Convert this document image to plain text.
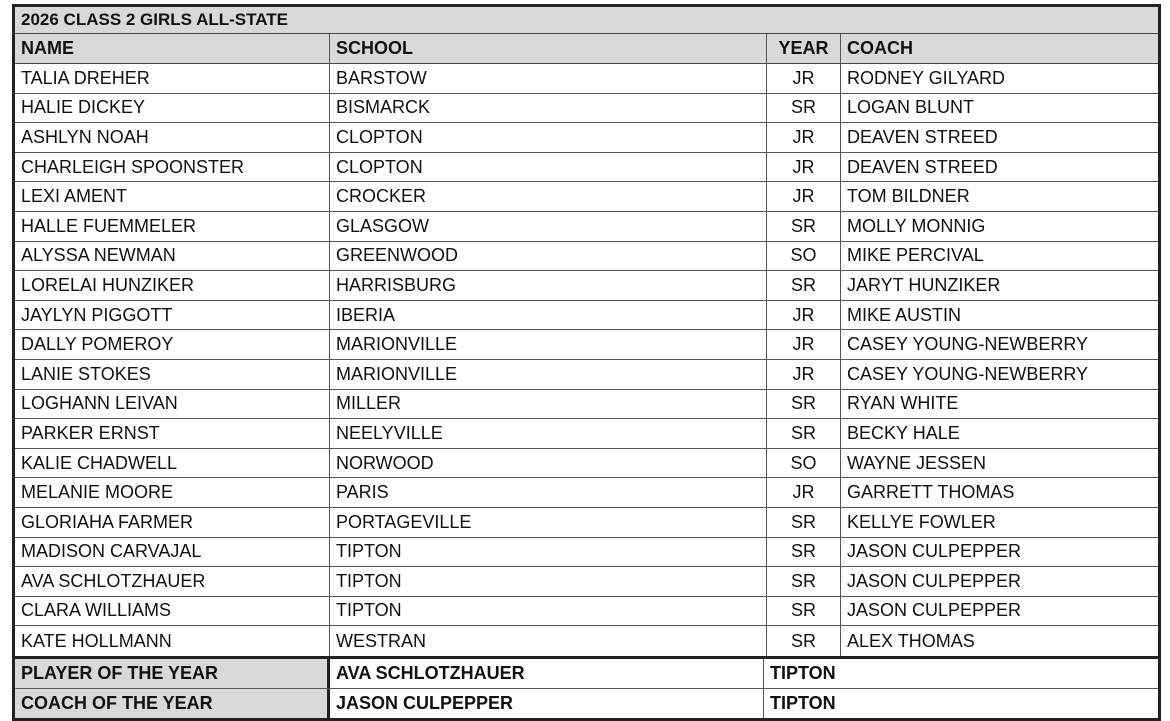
2026 CLASS 2 GIRLS ALL-STATE
NAME	SCHOOL	YEAR	COACH
TALIA DREHER	BARSTOW	JR	RODNEY GILYARD
HALIE DICKEY	BISMARCK	SR	LOGAN BLUNT
ASHLYN NOAH	CLOPTON	JR	DEAVEN STREED
CHARLEIGH SPOONSTER	CLOPTON	JR	DEAVEN STREED
LEXI AMENT	CROCKER	JR	TOM BILDNER
HALLE FUEMMELER	GLASGOW	SR	MOLLY MONNIG
ALYSSA NEWMAN	GREENWOOD	SO	MIKE PERCIVAL
LORELAI HUNZIKER	HARRISBURG	SR	JARYT HUNZIKER
JAYLYN PIGGOTT	IBERIA	JR	MIKE AUSTIN
DALLY POMEROY	MARIONVILLE	JR	CASEY YOUNG-NEWBERRY
LANIE STOKES	MARIONVILLE	JR	CASEY YOUNG-NEWBERRY
LOGHANN LEIVAN	MILLER	SR	RYAN WHITE
PARKER ERNST	NEELYVILLE	SR	BECKY HALE
KALIE CHADWELL	NORWOOD	SO	WAYNE JESSEN
MELANIE MOORE	PARIS	JR	GARRETT THOMAS
GLORIAHA FARMER	PORTAGEVILLE	SR	KELLYE FOWLER
MADISON CARVAJAL	TIPTON	SR	JASON CULPEPPER
AVA SCHLOTZHAUER	TIPTON	SR	JASON CULPEPPER
CLARA WILLIAMS	TIPTON	SR	JASON CULPEPPER
KATE HOLLMANN	WESTRAN	SR	ALEX THOMAS
PLAYER OF THE YEAR	AVA SCHLOTZHAUER	TIPTON
COACH OF THE YEAR	JASON CULPEPPER	TIPTON
